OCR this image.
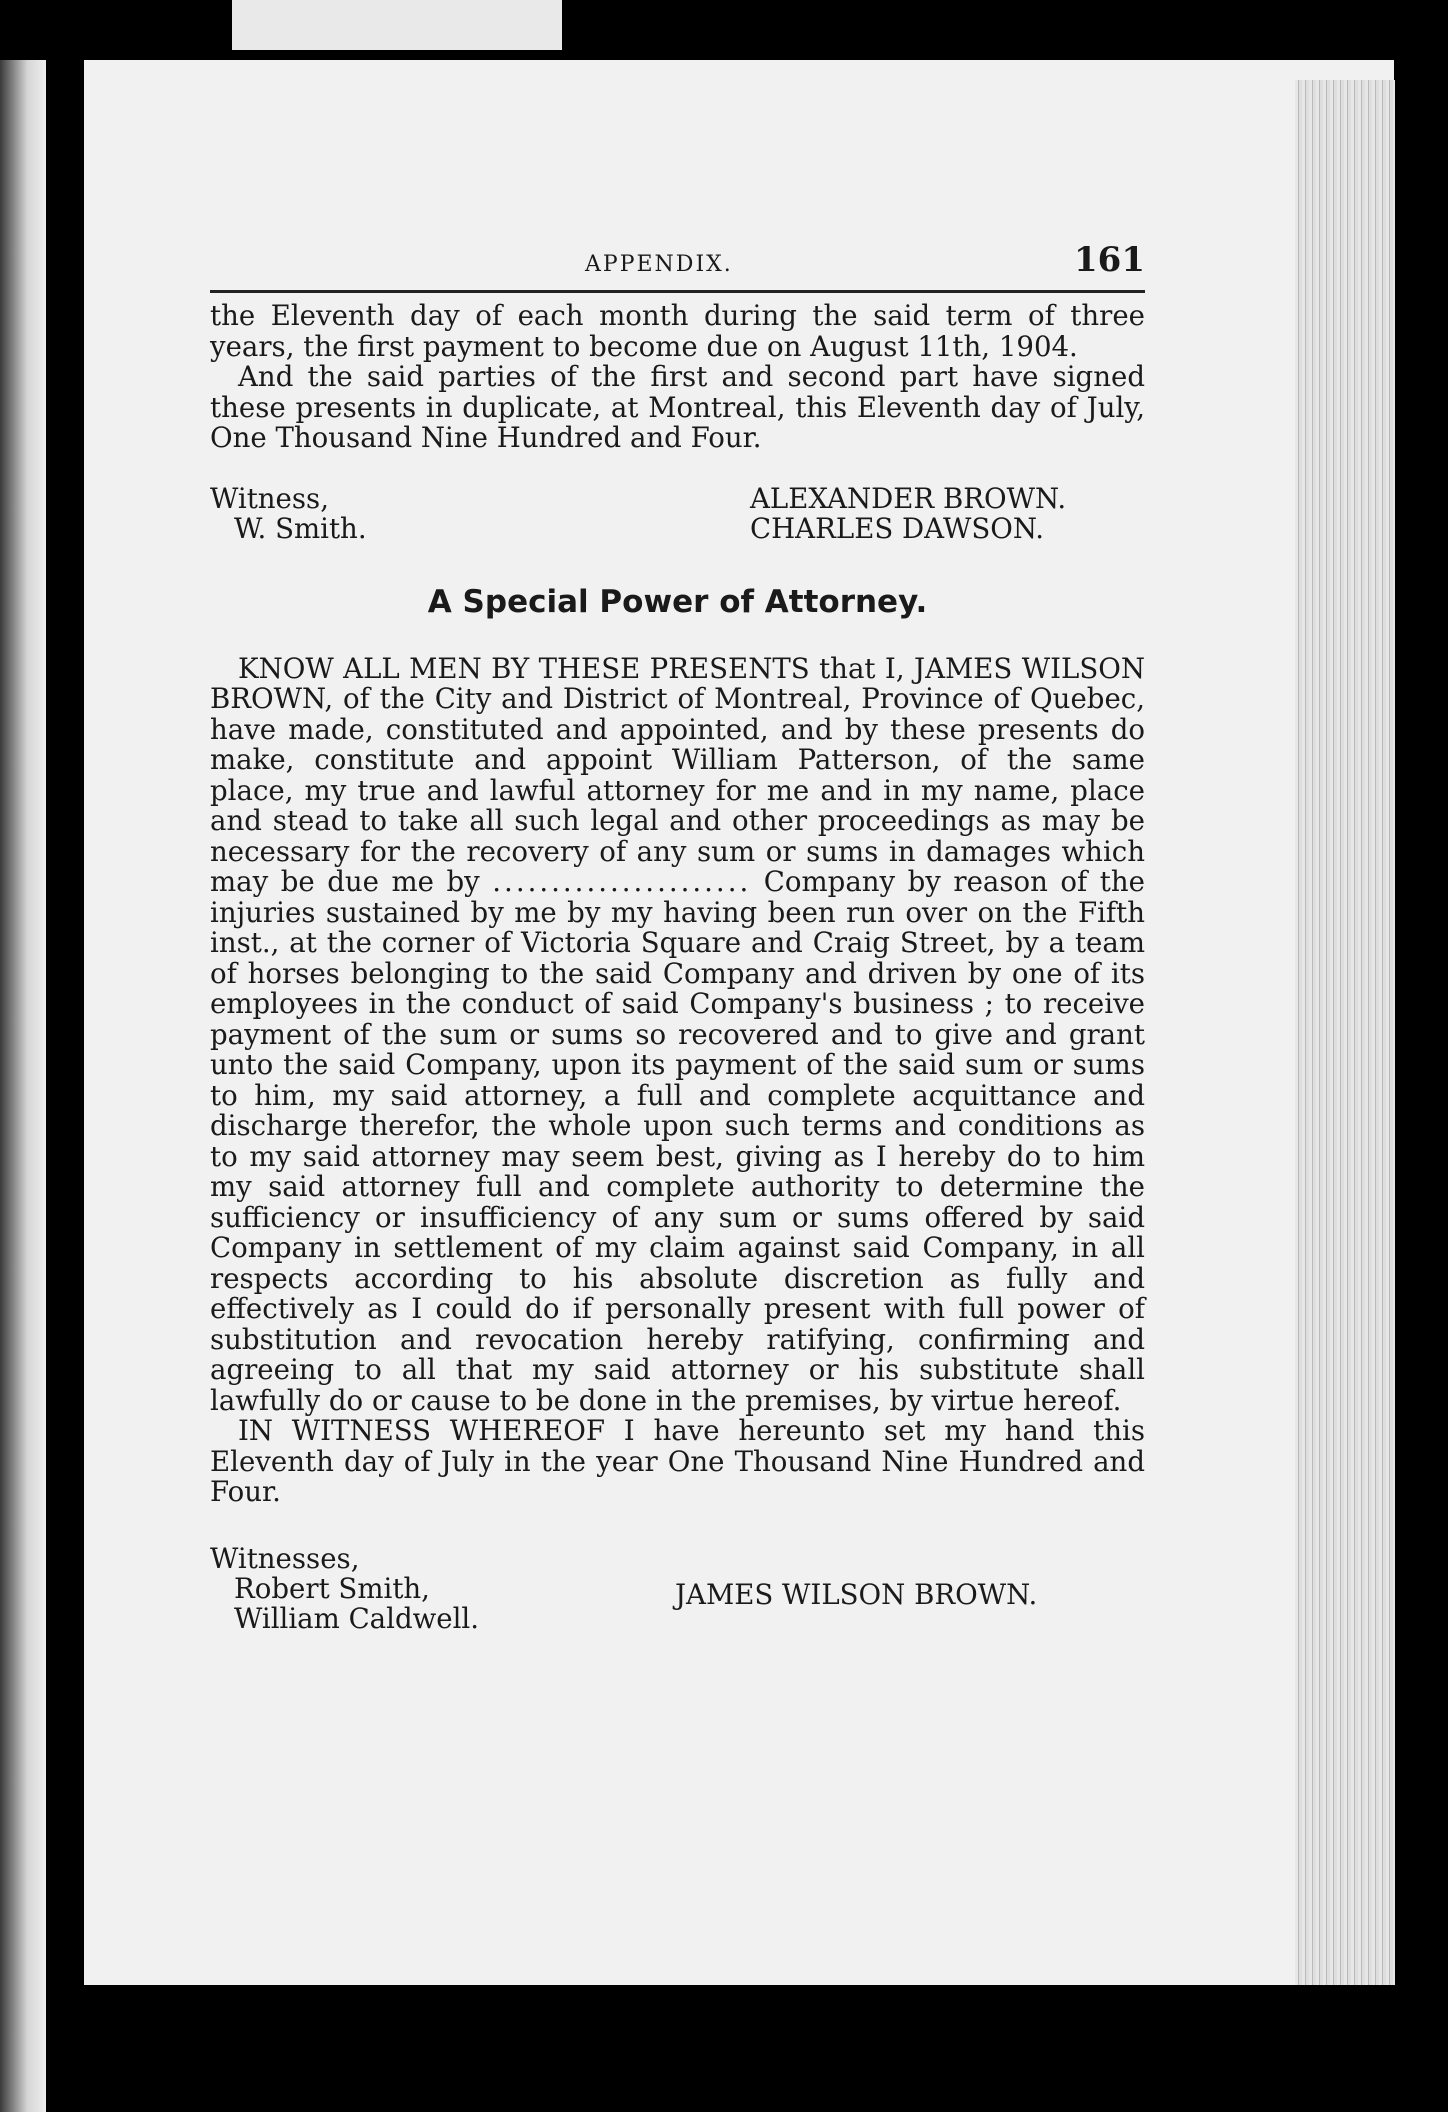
APPENDIX.	161

the Eleventh day of each month during the said term of three years, the first payment to become due on August 11th, 1904.

And the said parties of the first and second part have signed these presents in duplicate, at Montreal, this Eleventh day of July, One Thousand Nine Hundred and Four.

Witness,
W. Smith.
ALEXANDER BROWN.
CHARLES DAWSON.
A Special Power of Attorney.

KNOW ALL MEN BY THESE PRESENTS that I, JAMES WILSON BROWN, of the City and District of Montreal, Province of Quebec, have made, constituted and appointed, and by these presents do make, constitute and appoint William Patterson, of the same place, my true and lawful attorney for me and in my name, place and stead to take all such legal and other proceedings as may be necessary for the recovery of any sum or sums in damages which may be due me by ...................... Company by reason of the injuries sustained by me by my having been run over on the Fifth inst., at the corner of Victoria Square and Craig Street, by a team of horses belonging to the said Company and driven by one of its employees in the conduct of said Company's business ; to receive payment of the sum or sums so recovered and to give and grant unto the said Company, upon its payment of the said sum or sums to him, my said attorney, a full and complete acquittance and discharge therefor, the whole upon such terms and conditions as to my said attorney may seem best, giving as I hereby do to him my said attorney full and complete authority to determine the sufficiency or insufficiency of any sum or sums offered by said Company in settlement of my claim against said Company, in all respects according to his absolute discretion as fully and effectively as I could do if personally present with full power of substitution and revocation hereby ratifying, confirming and agreeing to all that my said attorney or his substitute shall lawfully do or cause to be done in the premises, by virtue hereof.

IN WITNESS WHEREOF I have hereunto set my hand this Eleventh day of July in the year One Thousand Nine Hundred and Four.

Witnesses,
Robert Smith,
William Caldwell.
JAMES WILSON BROWN.
